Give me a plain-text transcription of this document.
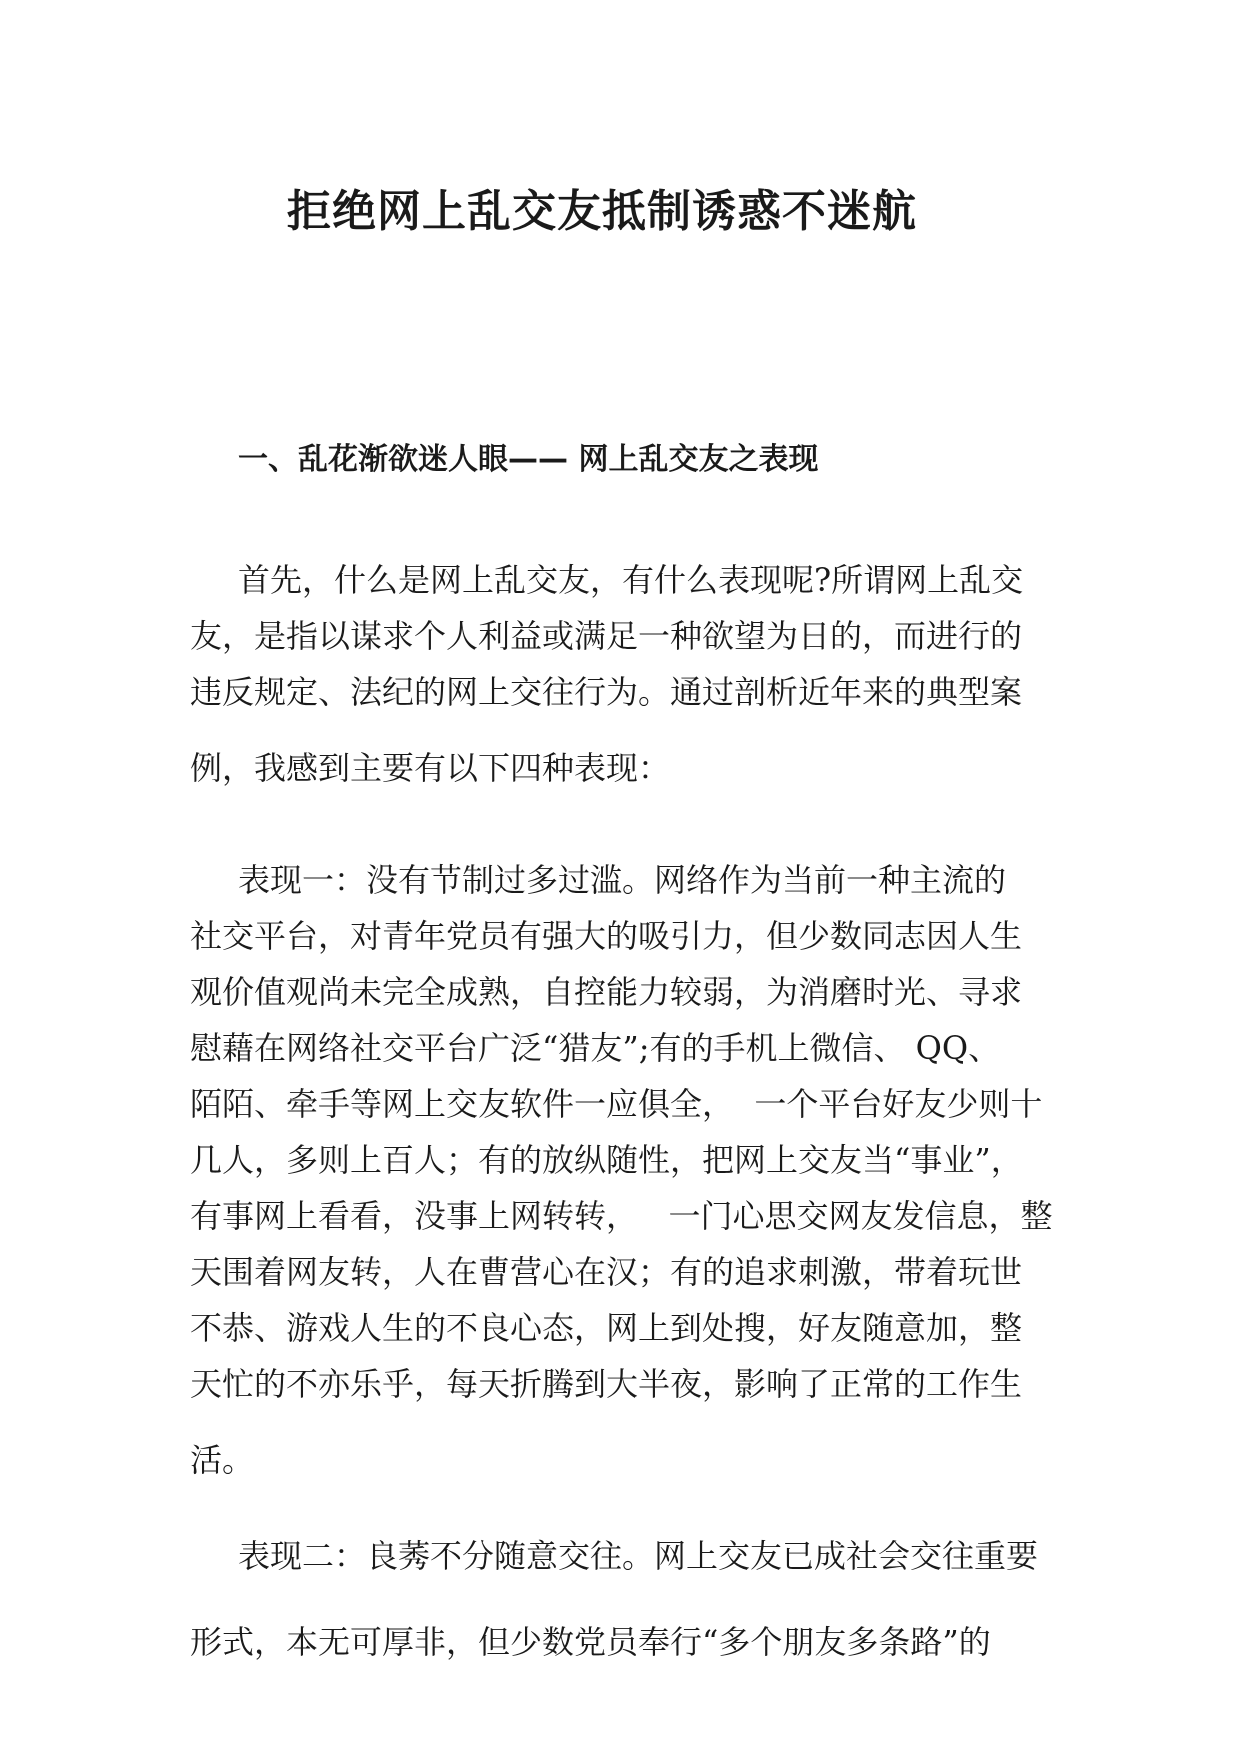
拒绝网上乱交友抵制诱惑不迷航
一、乱花渐欲迷人眼—— 网上乱交友之表现
首先，什么是网上乱交友，有什么表现呢?所谓网上乱交
友，是指以谋求个人利益或满足一种欲望为日的，而进行的
违反规定、法纪的网上交往行为。通过剖析近年来的典型案
例，我感到主要有以下四种表现：
表现一：没有节制过多过滥。网络作为当前一种主流的
社交平台，对青年党员有强大的吸引力，但少数同志因人生
观价值观尚未完全成熟，自控能力较弱，为消磨时光、寻求
慰藉在网络社交平台广泛“猎友”;有的手机上微信、 QQ、
陌陌、牵手等网上交友软件一应俱全，  一个平台好友少则十
几人，多则上百人；有的放纵随性，把网上交友当“事业”，
有事网上看看，没事上网转转，   一门心思交网友发信息，整
天围着网友转，人在曹营心在汉；有的追求刺激，带着玩世
不恭、游戏人生的不良心态，网上到处搜，好友随意加，整
天忙的不亦乐乎，每天折腾到大半夜，影响了正常的工作生
活。
表现二：良莠不分随意交往。网上交友已成社会交往重要
形式，本无可厚非，但少数党员奉行“多个朋友多条路”的
